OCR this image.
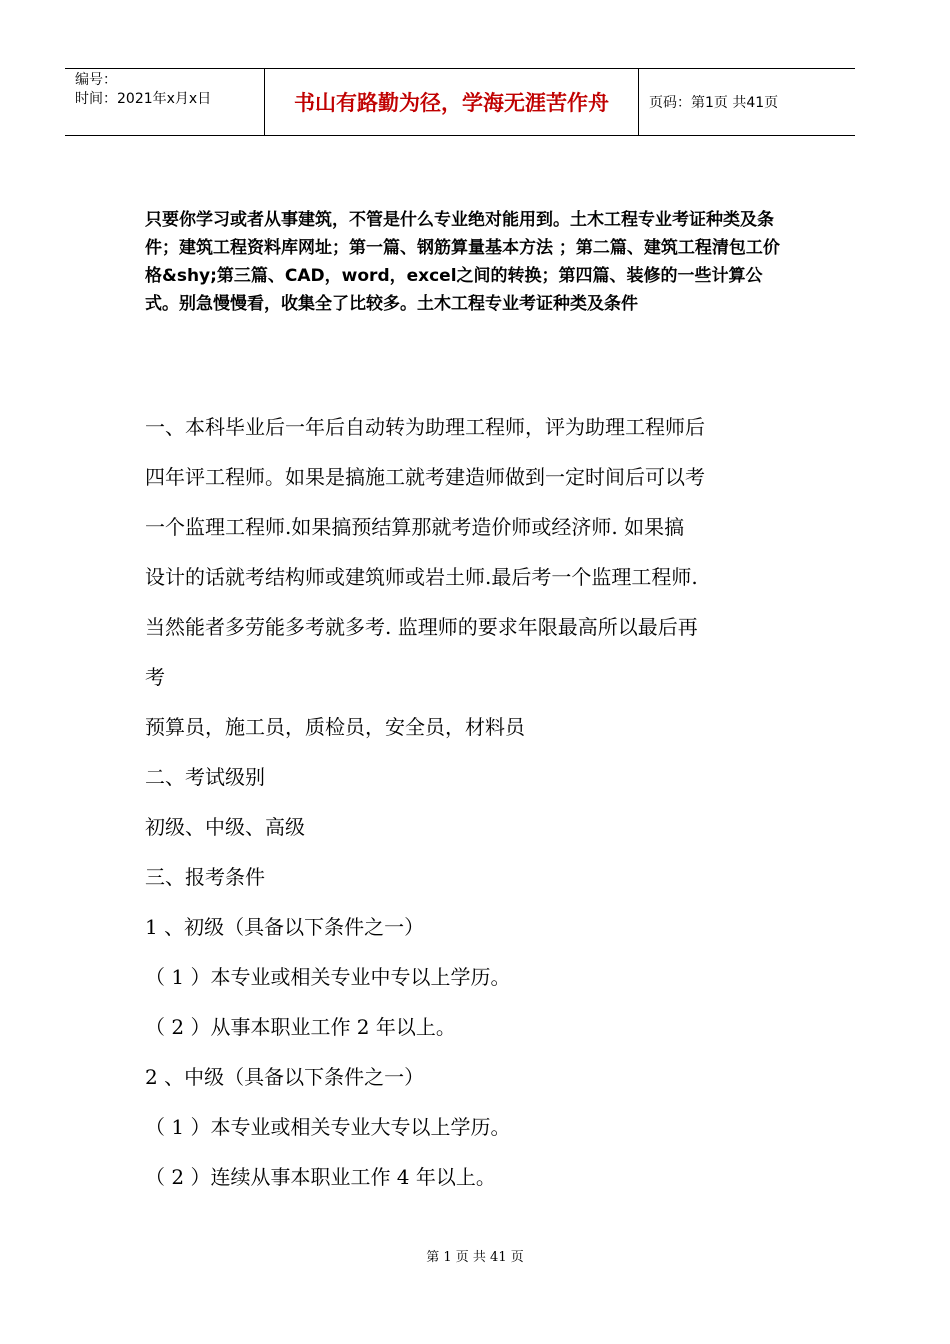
编号：
时间：2021年x月x日	书山有路勤为径，学海无涯苦作舟	页码：第1页 共41页

只要你学习或者从事建筑，不管是什么专业绝对能用到。土木工程专业考证种类及条件；建筑工程资料库网址；第一篇、钢筋算量基本方法 ；第二篇、建筑工程清包工价格&shy;第三篇、CAD，word，excel之间的转换；第四篇、装修的一些计算公式。别急慢慢看，收集全了比较多。土木工程专业考证种类及条件

一、本科毕业后一年后自动转为助理工程师，评为助理工程师后

四年评工程师。如果是搞施工就考建造师做到一定时间后可以考

一个监理工程师.如果搞预结算那就考造价师或经济师. 如果搞

设计的话就考结构师或建筑师或岩土师.最后考一个监理工程师.

当然能者多劳能多考就多考. 监理师的要求年限最高所以最后再

考

预算员，施工员，质检员，安全员，材料员

二、考试级别

初级、中级、高级

三、报考条件

1 、初级（具备以下条件之一）

（ 1 ）本专业或相关专业中专以上学历。

（ 2 ）从事本职业工作 2 年以上。

2 、中级（具备以下条件之一）

（ 1 ）本专业或相关专业大专以上学历。

（ 2 ）连续从事本职业工作 4 年以上。

第 1 页 共 41 页
